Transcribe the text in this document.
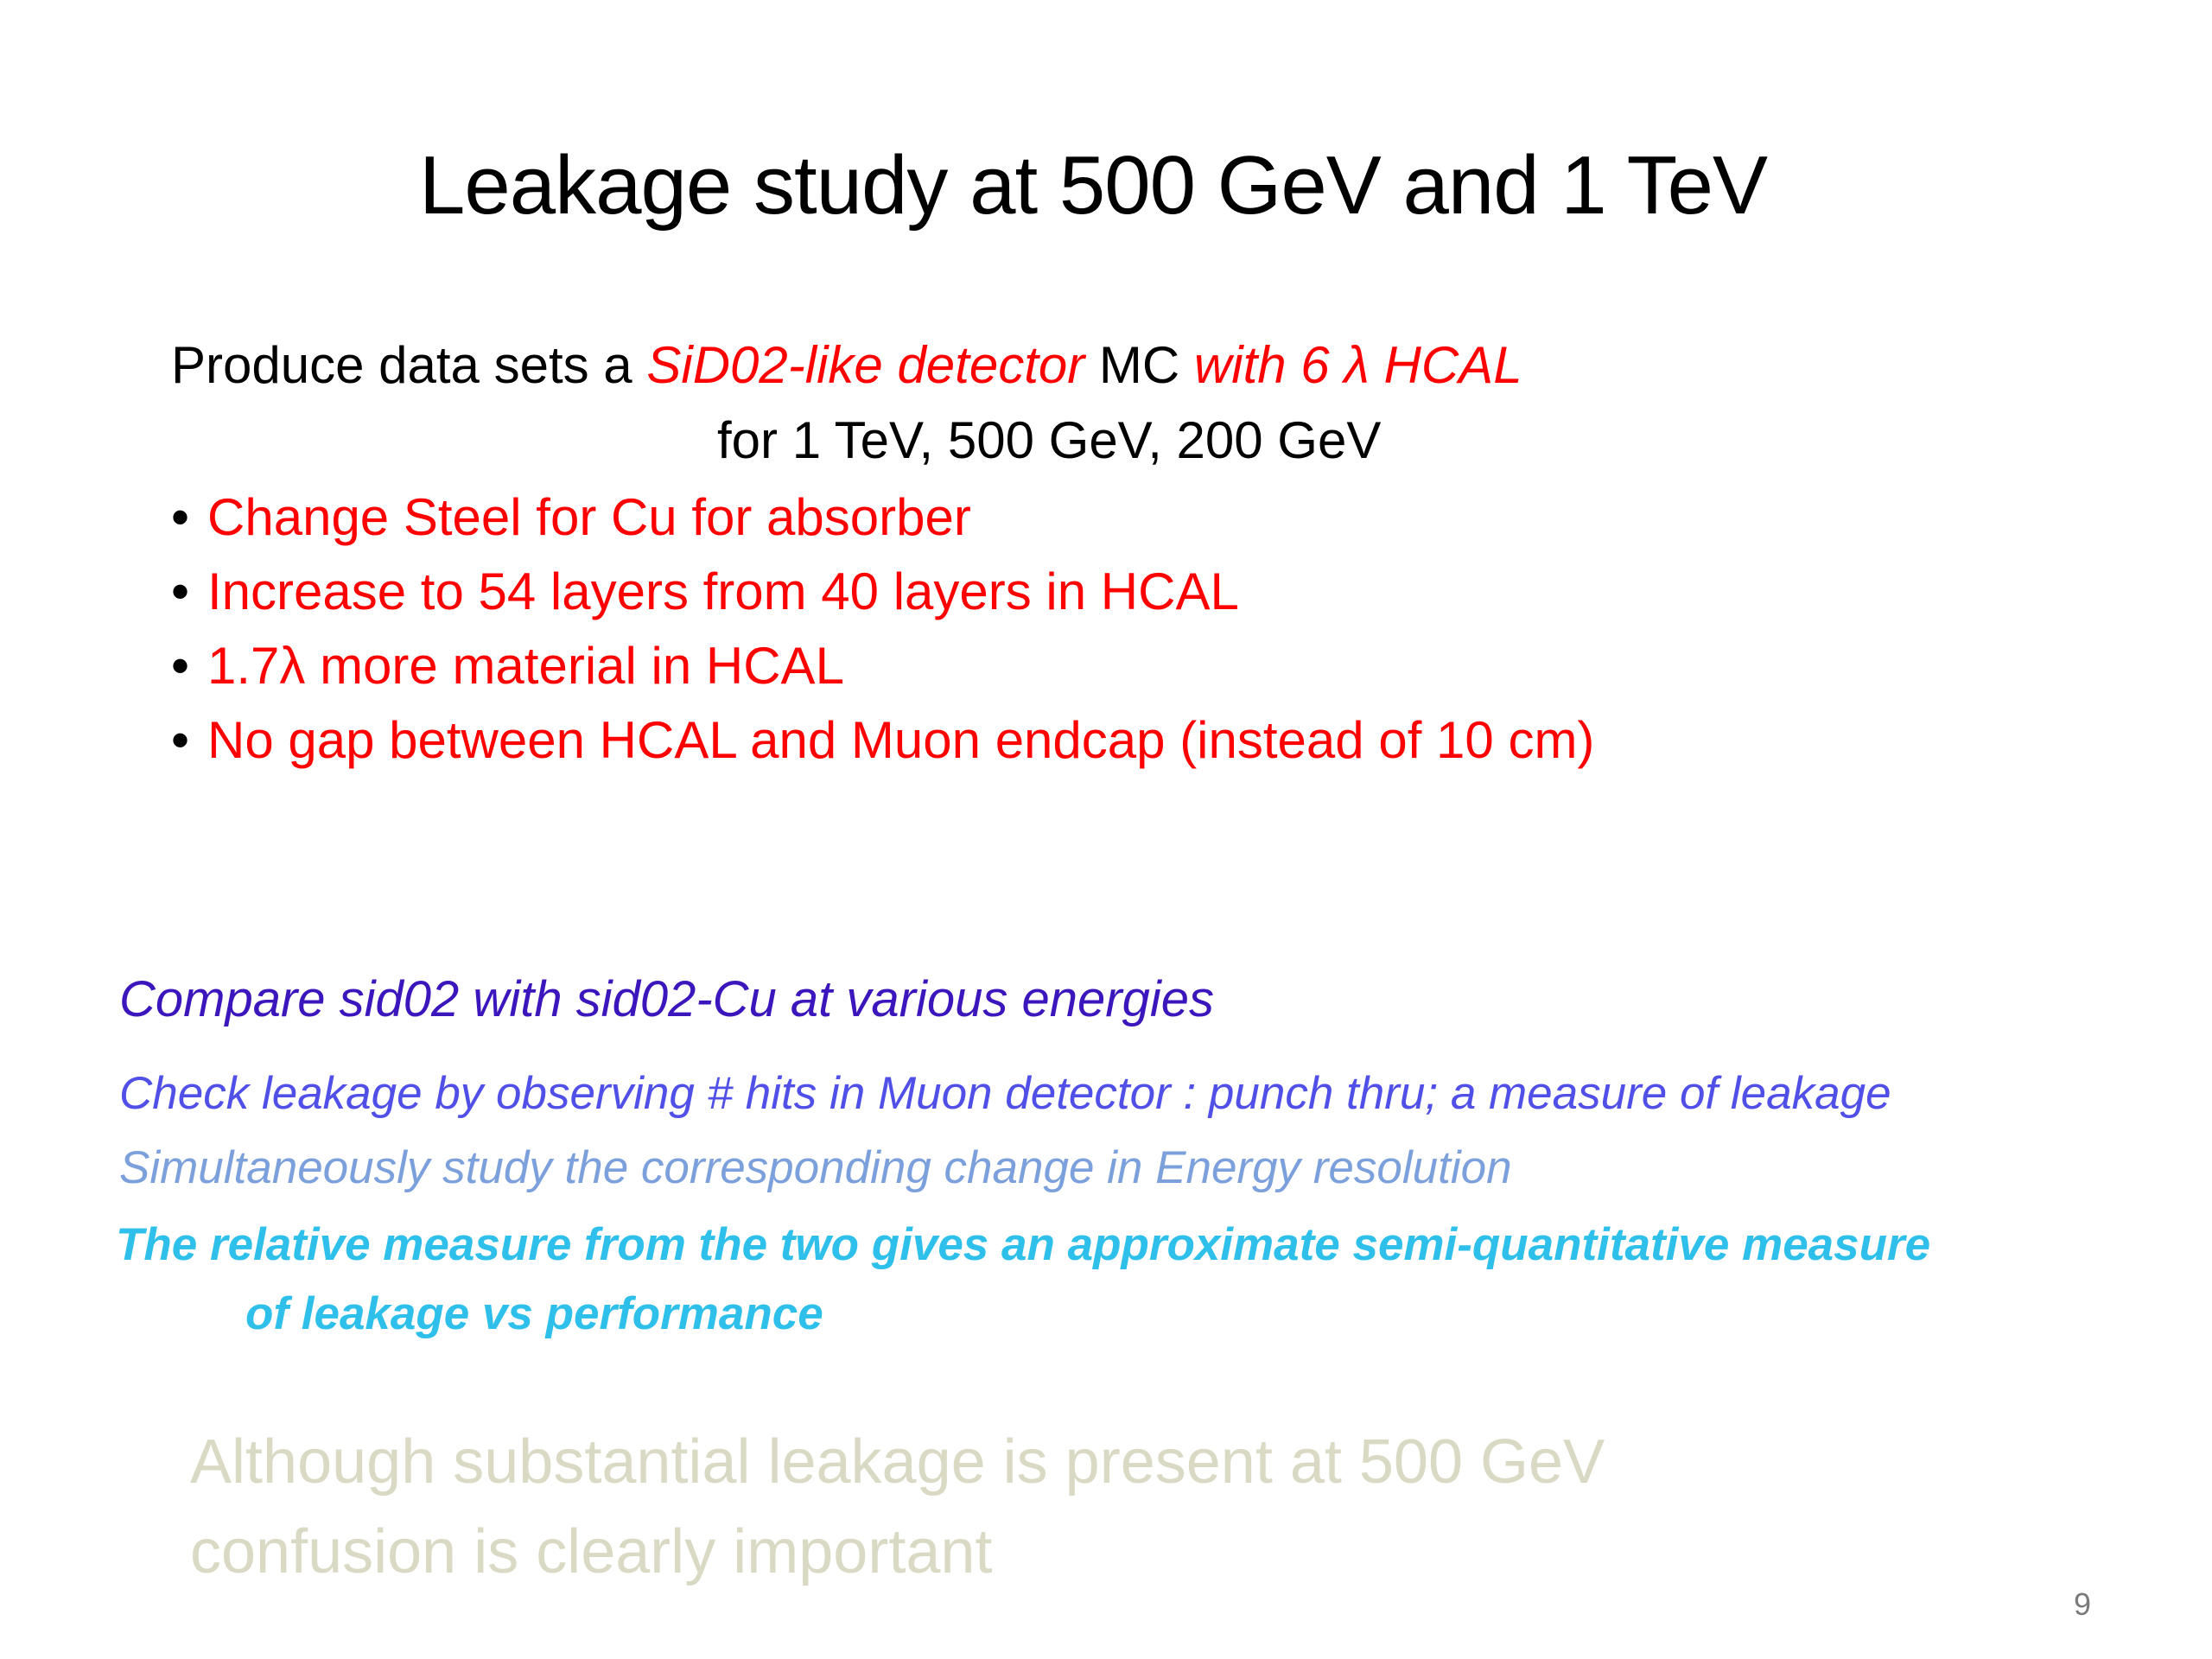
Leakage study at 500 GeV and 1 TeV
Produce data sets a SiD02-like detector MC with 6 λ HCAL
for 1 TeV, 500 GeV, 200 GeV
• Change Steel for Cu for absorber
• Increase to 54 layers from 40 layers in HCAL
• 1.7λ more material in HCAL
• No gap between HCAL and Muon endcap (instead of 10 cm)
Compare sid02 with sid02-Cu at various energies
Check leakage by observing # hits in Muon detector : punch thru; a measure of leakage
Simultaneously study the corresponding change in Energy resolution
The relative measure from the two gives an approximate semi-quantitative measure
of leakage vs performance
Although substantial leakage is present at 500 GeV
confusion is clearly important
9
